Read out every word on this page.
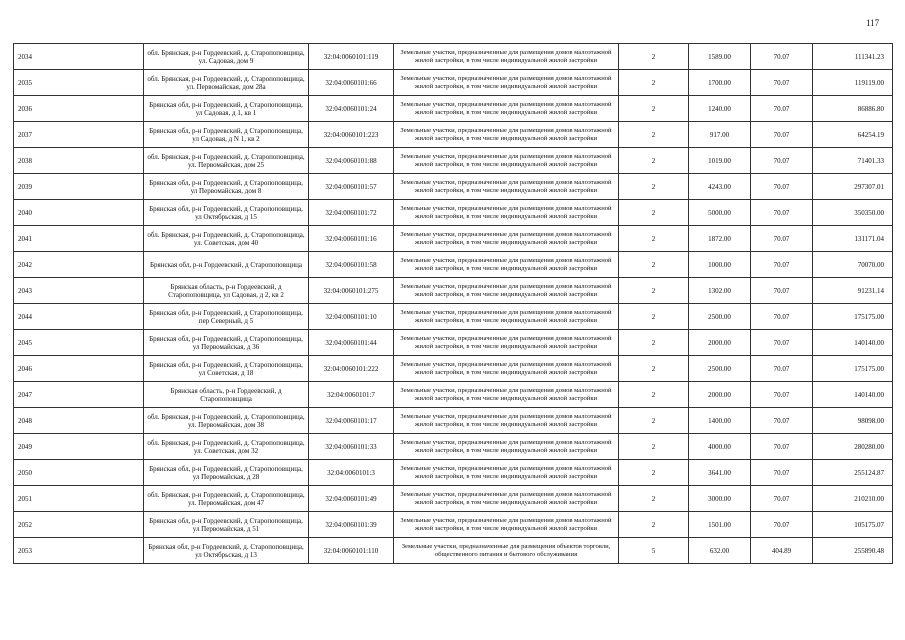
117
2034	обл. Брянская, р-н Гордеевский, д. Старопоповщица, ул. Садовая, дом 9	32:04:0060101:119	Земельные участки, предназначенные для размещения домов малоэтажной жилой застройки, в том числе индивидуальной жилой застройки	2	1589.00	70.07	111341.23
2035	обл. Брянская, р-н Гордеевский, д. Старопоповщица, ул. Первомайская, дом 28а	32:04:0060101:66	Земельные участки, предназначенные для размещения домов малоэтажной жилой застройки, в том числе индивидуальной жилой застройки	2	1700.00	70.07	119119.00
2036	Брянская обл, р-н Гордеевский, д Старопоповщица, ул Садовая, д 1, кв 1	32:04:0060101:24	Земельные участки, предназначенные для размещения домов малоэтажной жилой застройки, в том числе индивидуальной жилой застройки	2	1240.00	70.07	86886.80
2037	Брянская обл, р-н Гордеевский, д Старопоповщица, ул Садовая, д N 1, кв 2	32:04:0060101:223	Земельные участки, предназначенные для размещения домов малоэтажной жилой застройки, в том числе индивидуальной жилой застройки	2	917.00	70.07	64254.19
2038	обл. Брянская, р-н Гордеевский, д. Старопоповщица, ул. Первомайская, дом 25	32:04:0060101:88	Земельные участки, предназначенные для размещения домов малоэтажной жилой застройки, в том числе индивидуальной жилой застройки	2	1019.00	70.07	71401.33
2039	Брянская обл, р-н Гордеевский, д Старопоповщица, ул Первомайская, дом 8	32:04:0060101:57	Земельные участки, предназначенные для размещения домов малоэтажной жилой застройки, в том числе индивидуальной жилой застройки	2	4243.00	70.07	297307.01
2040	Брянская обл, р-н Гордеевский, д Старопоповщица, ул Октябрьская, д 15	32:04:0060101:72	Земельные участки, предназначенные для размещения домов малоэтажной жилой застройки, в том числе индивидуальной жилой застройки	2	5000.00	70.07	350350.00
2041	обл. Брянская, р-н Гордеевский, д. Старопоповщица, ул. Советская, дом 40	32:04:0060101:16	Земельные участки, предназначенные для размещения домов малоэтажной жилой застройки, в том числе индивидуальной жилой застройки	2	1872.00	70.07	131171.04
2042	Брянская обл, р-н Гордеевский, д Старопоповщица	32:04:0060101:58	Земельные участки, предназначенные для размещения домов малоэтажной жилой застройки, в том числе индивидуальной жилой застройки	2	1000.00	70.07	70070.00
2043	Брянская область, р-н Гордеевский, д Старопоповщица, ул Садовая, д 2, кв 2	32:04:0060101:275	Земельные участки, предназначенные для размещения домов малоэтажной жилой застройки, в том числе индивидуальной жилой застройки	2	1302.00	70.07	91231.14
2044	Брянская обл, р-н Гордеевский, д Старопоповщица, пер Северный, д 5	32:04:0060101:10	Земельные участки, предназначенные для размещения домов малоэтажной жилой застройки, в том числе индивидуальной жилой застройки	2	2500.00	70.07	175175.00
2045	Брянская обл, р-н Гордеевский, д Старопоповщица, ул Первомайская, д 36	32:04:0060101:44	Земельные участки, предназначенные для размещения домов малоэтажной жилой застройки, в том числе индивидуальной жилой застройки	2	2000.00	70.07	140140.00
2046	Брянская обл, р-н Гордеевский, д Старопоповщица, ул Советская, д 18	32:04:0060101:222	Земельные участки, предназначенные для размещения домов малоэтажной жилой застройки, в том числе индивидуальной жилой застройки	2	2500.00	70.07	175175.00
2047	Брянская область, р-н Гордеевский, д Старопоповщица	32:04:0060101:7	Земельные участки, предназначенные для размещения домов малоэтажной жилой застройки, в том числе индивидуальной жилой застройки	2	2000.00	70.07	140140.00
2048	обл. Брянская, р-н Гордеевский, д. Старопоповщица, ул. Первомайская, дом 38	32:04:0060101:17	Земельные участки, предназначенные для размещения домов малоэтажной жилой застройки, в том числе индивидуальной жилой застройки	2	1400.00	70.07	98098.00
2049	обл. Брянская, р-н Гордеевский, д. Старопоповщица, ул. Советская, дом 32	32:04:0060101:33	Земельные участки, предназначенные для размещения домов малоэтажной жилой застройки, в том числе индивидуальной жилой застройки	2	4000.00	70.07	280280.00
2050	Брянская обл, р-н Гордеевский, д Старопоповщица, ул Первомайская, д 28	32:04:0060101:3	Земельные участки, предназначенные для размещения домов малоэтажной жилой застройки, в том числе индивидуальной жилой застройки	2	3641.00	70.07	255124.87
2051	обл. Брянская, р-н Гордеевский, д. Старопоповщица, ул. Первомайская, дом 47	32:04:0060101:49	Земельные участки, предназначенные для размещения домов малоэтажной жилой застройки, в том числе индивидуальной жилой застройки	2	3000.00	70.07	210210.00
2052	Брянская обл, р-н Гордеевский, д Старопоповщица, ул Первомайская, д 51	32:04:0060101:39	Земельные участки, предназначенные для размещения домов малоэтажной жилой застройки, в том числе индивидуальной жилой застройки	2	1501.00	70.07	105175.07
2053	Брянская обл, р-н Гордеевский, д. Старопоповщица, ул Октябрьская, д 13	32:04:0060101:110	Земельные участки, предназначенные для размещения объектов торговли, общественного питания и бытового обслуживания	5	632.00	404.89	255890.48
